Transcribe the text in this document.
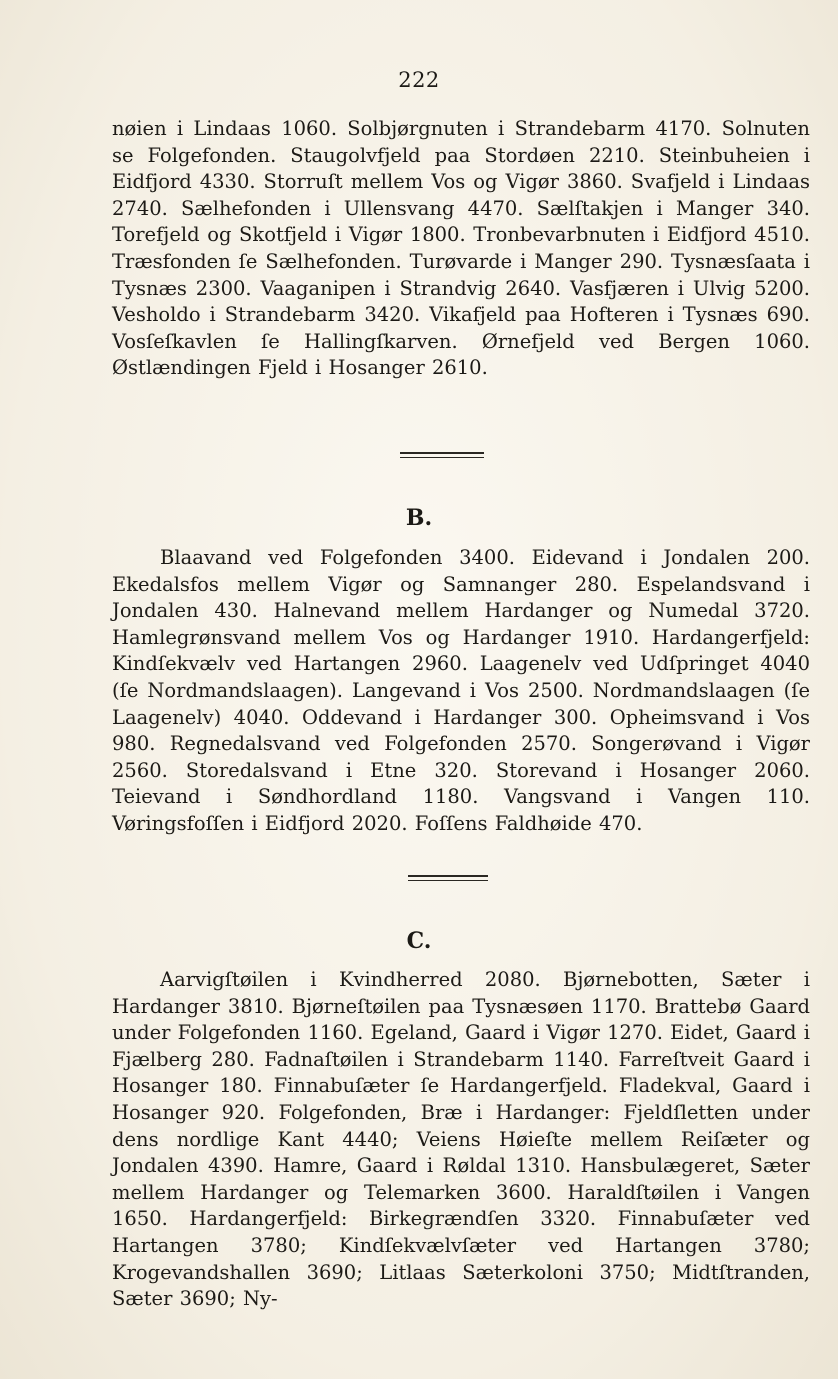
222

nøien i Lindaas 1060. Solbjørgnuten i Strandebarm 4170. Solnuten se Folgefonden. Staugolvfjeld paa Stordøen 2210. Steinbuheien i Eidfjord 4330. Storruſt mellem Vos og Vigør 3860. Svafjeld i Lindaas 2740. Sælhefonden i Ullensvang 4470. Sælſtakjen i Manger 340. Torefjeld og Skotfjeld i Vigør 1800. Tronbevarbnuten i Eidfjord 4510. Træsfonden ſe Sælhefonden. Turøvarde i Manger 290. Tysnæsſaata i Tysnæs 2300. Vaaganipen i Strandvig 2640. Vasfjæren i Ulvig 5200. Vesholdo i Strandebarm 3420. Vikafjeld paa Hofteren i Tysnæs 690. Vosſeſkavlen ſe Hallingſkarven. Ørnefjeld ved Bergen 1060. Østlændingen Fjeld i Hosanger 2610.

B.

Blaavand ved Folgefonden 3400. Eidevand i Jondalen 200. Ekedalsfos mellem Vigør og Samnanger 280. Espelandsvand i Jondalen 430. Halnevand mellem Hardanger og Numedal 3720. Hamlegrønsvand mellem Vos og Hardanger 1910. Hardangerfjeld: Kindſekvælv ved Hartangen 2960. Laagenelv ved Udſpringet 4040 (ſe Nordmandslaagen). Langevand i Vos 2500. Nordmandslaagen (ſe Laagenelv) 4040. Oddevand i Hardanger 300. Opheimsvand i Vos 980. Regnedalsvand ved Folgefonden 2570. Songerøvand i Vigør 2560. Storedalsvand i Etne 320. Storevand i Hosanger 2060. Teievand i Søndhordland 1180. Vangsvand i Vangen 110. Vøringsfoſſen i Eidfjord 2020. Foſſens Faldhøide 470.

C.

Aarvigſtøilen i Kvindherred 2080. Bjørnebotten, Sæter i Hardanger 3810. Bjørneſtøilen paa Tysnæsøen 1170. Brattebø Gaard under Folgefonden 1160. Egeland, Gaard i Vigør 1270. Eidet, Gaard i Fjælberg 280. Fadnaſtøilen i Strandebarm 1140. Farreſtveit Gaard i Hosanger 180. Finnabuſæter ſe Hardangerfjeld. Fladekval, Gaard i Hosanger 920. Folgefonden, Bræ i Hardanger: Fjeldſletten under dens nordlige Kant 4440; Veiens Høieſte mellem Reiſæter og Jondalen 4390. Hamre, Gaard i Røldal 1310. Hansbulægeret, Sæter mellem Hardanger og Telemarken 3600. Haraldſtøilen i Vangen 1650. Hardangerfjeld: Birkegrændſen 3320. Finnabuſæter ved Hartangen 3780; Kindſekvælvſæter ved Hartangen 3780; Krogevandshallen 3690; Litlaas Sæterkoloni 3750; Midtſtranden, Sæter 3690; Ny-
